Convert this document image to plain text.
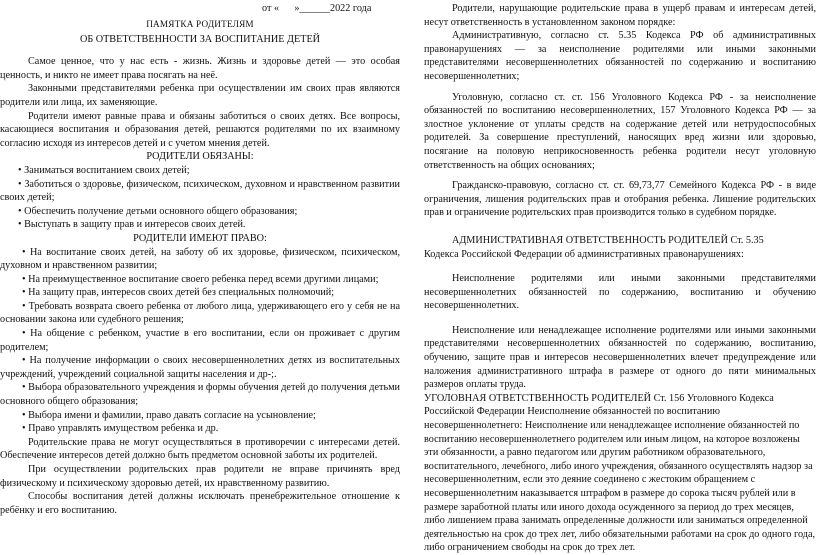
от «      »______2022 года

ПАМЯТКА РОДИТЕЛЯМ

ОБ ОТВЕТСТВЕННОСТИ ЗА ВОСПИТАНИЕ ДЕТЕЙ

Самое ценное, что у нас есть - жизнь. Жизнь и здоровье детей — это особая ценность, и никто не имеет права посягать на неё.

Законными представителями ребенка при осуществлении им своих прав являются родители или лица, их заменяющие.

Родители имеют равные права и обязаны заботиться о своих детях. Все вопросы, касающиеся воспитания и образования детей, решаются родителями по их взаимному согласию исходя из интересов детей и с учетом мнения детей.

РОДИТЕЛИ ОБЯЗАНЫ:

• Заниматься воспитанием своих детей;

• Заботиться о здоровье, физическом, психическом, духовном и нравственном развитии своих детей;

• Обеспечить получение детьми основного общего образования;

• Выступать в защиту прав и интересов своих детей.

РОДИТЕЛИ ИМЕЮТ ПРАВО:

• На воспитание своих детей, на заботу об их здоровье, физическом, психическом, духовном и нравственном развитии;

• На преимущественное воспитание своего ребенка перед всеми другими лицами;

• На защиту прав, интересов своих детей без специальных полномочий;

• Требовать возврата своего ребенка от любого лица, удерживающего его у себя не на основании закона или судебного решения;

• На общение с ребенком, участие в его воспитании, если он проживает с другим родителем;

• На получение информации о своих несовершеннолетних детях из воспитательных учреждений, учреждений социальной защиты населения и др-;.

• Выбора образовательного учреждения и формы обучения детей до получения детьми основного общего образования;

• Выбора имени и фамилии, право давать согласие на усыновление;

• Право управлять имуществом ребенка и др.

Родительские права не могут осуществляться в противоречии с интересами детей. Обеспечение интересов детей должно быть предметом основной заботы их родителей.

При осуществлении родительских прав родители не вправе причинять вред физическому и психическому здоровью детей, их нравственному развитию.

Способы воспитания детей должны исключать пренебрежительное отношение к ребёнку и его воспитанию.

Родители, нарушающие родительские права в ущерб правам и интересам детей, несут ответственность в установленном законом порядке:

Административную, согласно ст. 5.35 Кодекса РФ об административных правонарушениях — за неисполнение родителями или иными законными представителями несовершеннолетних обязанностей по содержанию и воспитанию несовершеннолетних;

Уголовную, согласно ст. ст. 156 Уголовного Кодекса РФ - за неисполнение обязанностей по воспитанию несовершеннолетних, 157 Уголовного Кодекса РФ — за злостное уклонение от уплаты средств на содержание детей или нетрудоспособных родителей. За совершение преступлений, наносящих вред жизни или здоровью, посягание на половую неприкосновенность ребенка родители несут уголовную ответственность на общих основаниях;

Гражданско-правовую, согласно ст. ст. 69,73,77 Семейного Кодекса РФ - в виде ограничения, лишения родительских прав и отобрания ребенка. Лишение родительских прав и ограничение родительских прав производится только в судебном порядке.

АДМИНИСТРАТИВНАЯ ОТВЕТСТВЕННОСТЬ РОДИТЕЛЕЙ Ст. 5.35

Кодекса Российской Федерации об административных правонарушениях:

Неисполнение родителями или иными законными представителями несовершеннолетних обязанностей по содержанию, воспитанию и обучению несовершеннолетних.

Неисполнение или ненадлежащее исполнение родителями или иными законными представителями несовершеннолетних обязанностей по содержанию, воспитанию, обучению, защите прав и интересов несовершеннолетних влечет предупреждение или наложения административного штрафа в размере от одного до пяти минимальных размеров оплаты труда.

УГОЛОВНАЯ ОТВЕТСТВЕННОСТЬ РОДИТЕЛЕЙ Ст. 156 Уголовного Кодекса Российской Федерации

Неисполнение обязанностей по воспитанию несовершеннолетнего: Неисполнение или ненадлежащее исполнение обязанностей по воспитанию несовершеннолетнего родителем или иным лицом, на которое возложены эти обязанности, а равно педагогом или другим работником образовательного, воспитательного, лечебного, либо иного учреждения, обязанного осуществлять надзор за несовершеннолетним, если это деяние соединено с жестоким обращением с несовершеннолетним наказывается штрафом в размере до сорока тысяч рублей или в размере заработной платы или иного дохода осужденного за период до трех месяцев, либо лишением права занимать определенные должности или заниматься определенной деятельностью на срок до трех лет, либо обязательными работами на срок до одного года, либо ограничением свободы на срок до трех лет.
